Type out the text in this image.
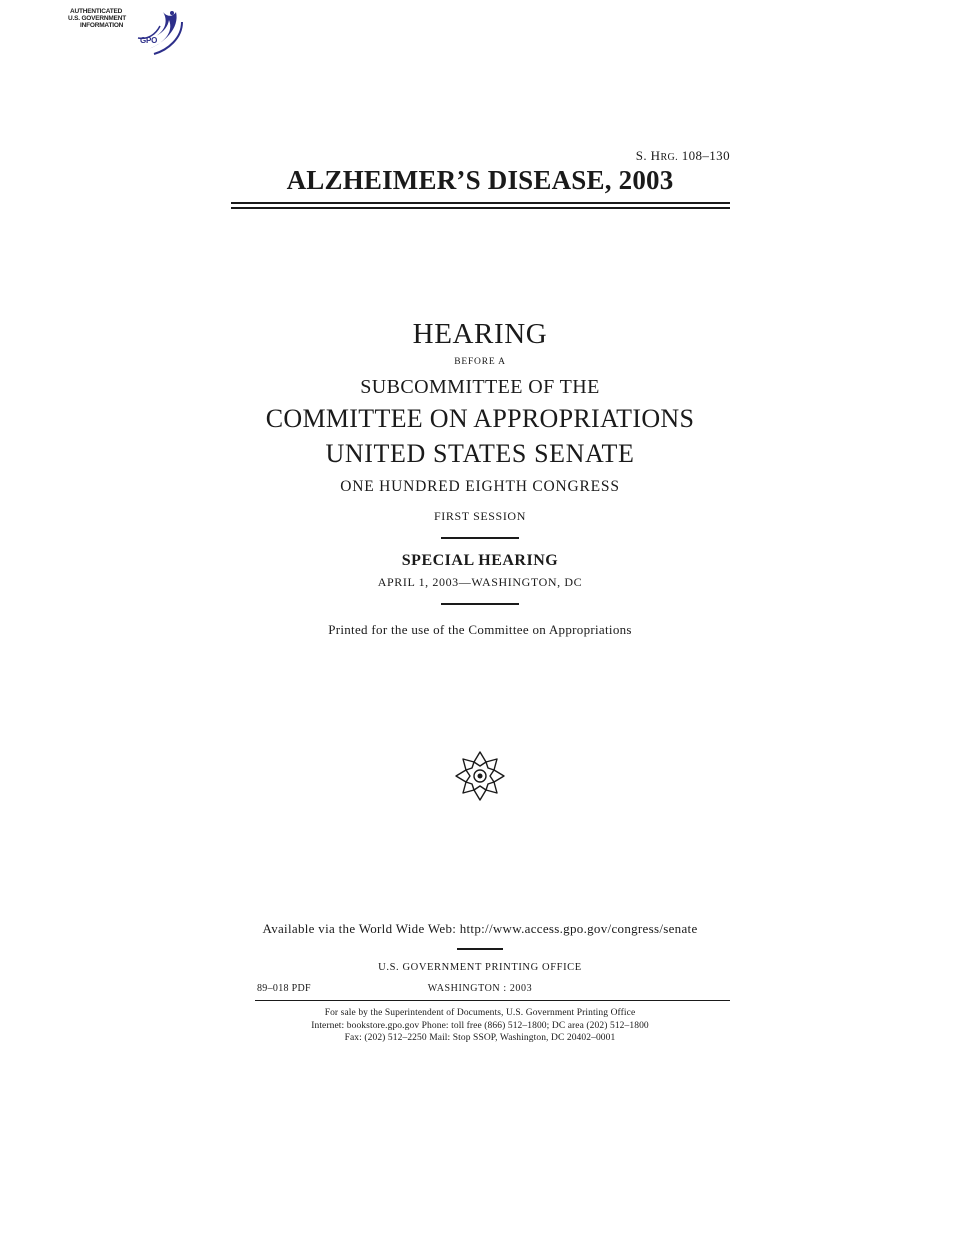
AUTHENTICATED
U.S. GOVERNMENT
INFORMATION
GPO
S. HRG. 108–130
ALZHEIMER’S DISEASE, 2003
HEARING
BEFORE A
SUBCOMMITTEE OF THE
COMMITTEE ON APPROPRIATIONS
UNITED STATES SENATE
ONE HUNDRED EIGHTH CONGRESS
FIRST SESSION
SPECIAL HEARING
APRIL 1, 2003—WASHINGTON, DC
Printed for the use of the Committee on Appropriations
Available via the World Wide Web: http://www.access.gpo.gov/congress/senate
U.S. GOVERNMENT PRINTING OFFICE
89–018 PDF	WASHINGTON : 2003
For sale by the Superintendent of Documents, U.S. Government Printing Office
Internet: bookstore.gpo.gov Phone: toll free (866) 512–1800; DC area (202) 512–1800
Fax: (202) 512–2250 Mail: Stop SSOP, Washington, DC 20402–0001
